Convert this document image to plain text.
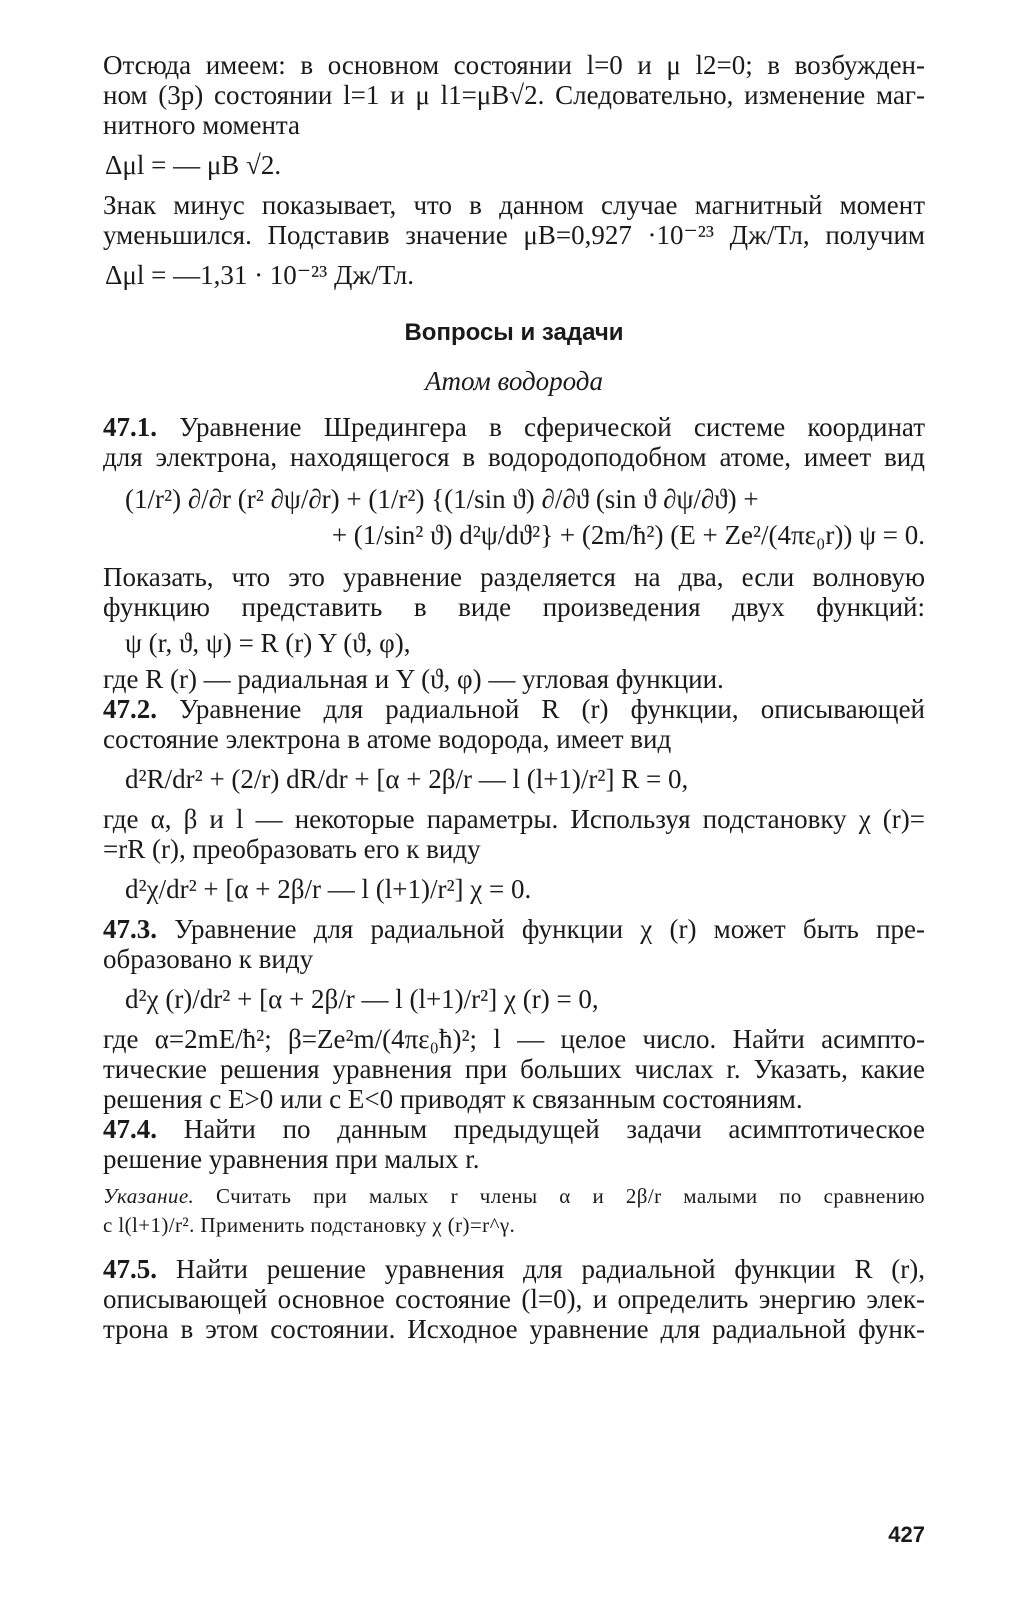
Отсюда имеем: в основном состоянии l=0 и μ l2=0; в возбужден-

ном (3p) состоянии l=1 и μ l1=μB√2. Следовательно, изменение маг-

нитного момента

Δμl = — μB √2.

Знак минус показывает, что в данном случае магнитный момент

уменьшился. Подставив значение μB=0,927 ·10⁻²³ Дж/Тл, получим

Δμl = —1,31 · 10⁻²³ Дж/Тл.

Вопросы и задачи
Атом водорода

47.1. Уравнение Шредингера в сферической системе координат

для электрона, находящегося в водородоподобном атоме, имеет вид

(1/r²) ∂/∂r (r² ∂ψ/∂r) + (1/r²) {(1/sin ϑ) ∂/∂ϑ (sin ϑ ∂ψ/∂ϑ) +

+ (1/sin² ϑ) d²ψ/dϑ²} + (2m/ħ²) (E + Ze²/(4πε₀r)) ψ = 0.

Показать, что это уравнение разделяется на два, если волновую

функцию представить в виде произведения двух функций:

ψ (r, ϑ, ψ) = R (r) Y (ϑ, φ),

где R (r) — радиальная и Y (ϑ, φ) — угловая функции.

47.2. Уравнение для радиальной R (r) функции, описывающей

состояние электрона в атоме водорода, имеет вид

d²R/dr² + (2/r) dR/dr + [α + 2β/r — l (l+1)/r²] R = 0,

где α, β и l — некоторые параметры. Используя подстановку χ (r)=

=rR (r), преобразовать его к виду

d²χ/dr² + [α + 2β/r — l (l+1)/r²] χ = 0.

47.3. Уравнение для радиальной функции χ (r) может быть пре-

образовано к виду

d²χ (r)/dr² + [α + 2β/r — l (l+1)/r²] χ (r) = 0,

где α=2mE/ħ²; β=Ze²m/(4πε₀ħ)²; l — целое число. Найти асимпто-

тические решения уравнения при больших числах r. Указать, какие

решения с E>0 или с E<0 приводят к связанным состояниям.

47.4. Найти по данным предыдущей задачи асимптотическое

решение уравнения при малых r.

Указание. Считать при малых r члены α и 2β/r малыми по сравнению

с l(l+1)/r². Применить подстановку χ (r)=r^γ.

47.5. Найти решение уравнения для радиальной функции R (r),

описывающей основное состояние (l=0), и определить энергию элек-

трона в этом состоянии. Исходное уравнение для радиальной функ-

427
